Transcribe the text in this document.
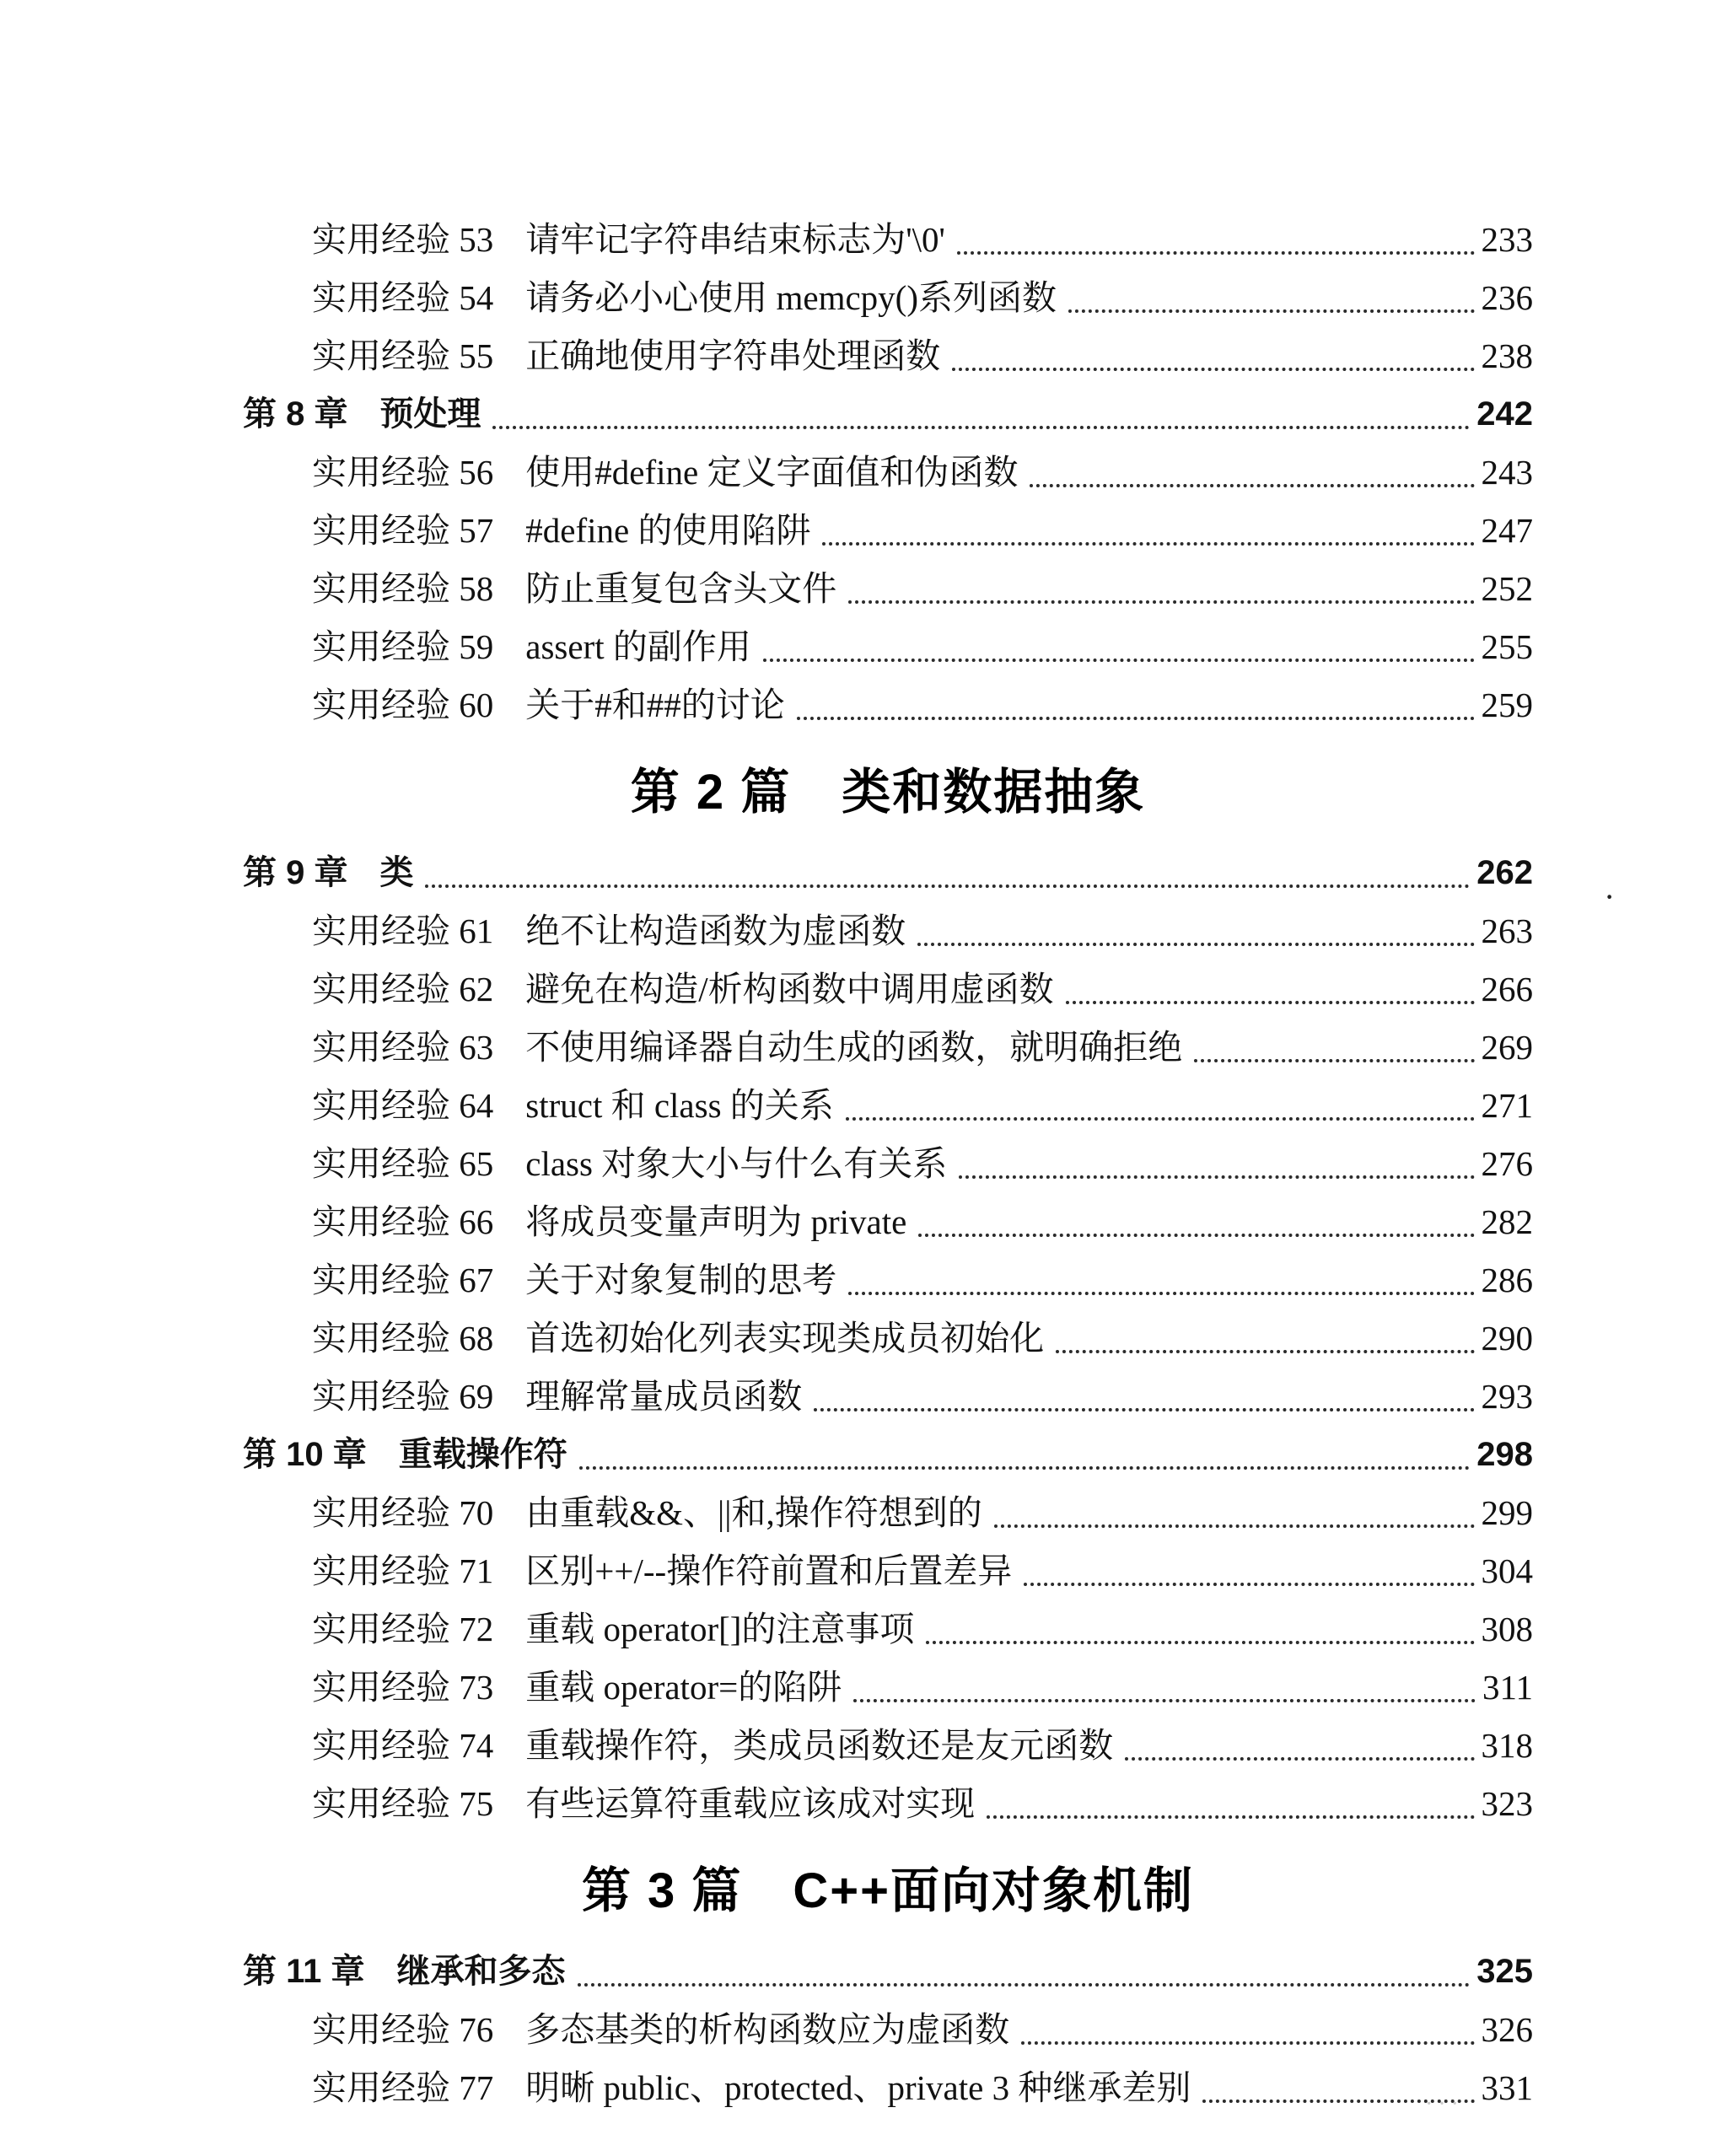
实用经验 53 请牢记字符串结束标志为'\0'	233
实用经验 54 请务必小心使用 memcpy()系列函数	236
实用经验 55 正确地使用字符串处理函数	238
第 8 章 预处理	242
实用经验 56 使用#define 定义字面值和伪函数	243
实用经验 57 #define 的使用陷阱	247
实用经验 58 防止重复包含头文件	252
实用经验 59 assert 的副作用	255
实用经验 60 关于#和##的讨论	259
第 2 篇　类和数据抽象
第 9 章 类	262
实用经验 61 绝不让构造函数为虚函数	263
实用经验 62 避免在构造/析构函数中调用虚函数	266
实用经验 63 不使用编译器自动生成的函数，就明确拒绝	269
实用经验 64 struct 和 class 的关系	271
实用经验 65 class 对象大小与什么有关系	276
实用经验 66 将成员变量声明为 private	282
实用经验 67 关于对象复制的思考	286
实用经验 68 首选初始化列表实现类成员初始化	290
实用经验 69 理解常量成员函数	293
第 10 章 重载操作符	298
实用经验 70 由重载&&、||和,操作符想到的	299
实用经验 71 区别++/--操作符前置和后置差异	304
实用经验 72 重载 operator[]的注意事项	308
实用经验 73 重载 operator=的陷阱	311
实用经验 74 重载操作符，类成员函数还是友元函数	318
实用经验 75 有些运算符重载应该成对实现	323
第 3 篇　C++面向对象机制
第 11 章 继承和多态	325
实用经验 76 多态基类的析构函数应为虚函数	326
实用经验 77 明晰 public、protected、private 3 种继承差别	331
·
···
